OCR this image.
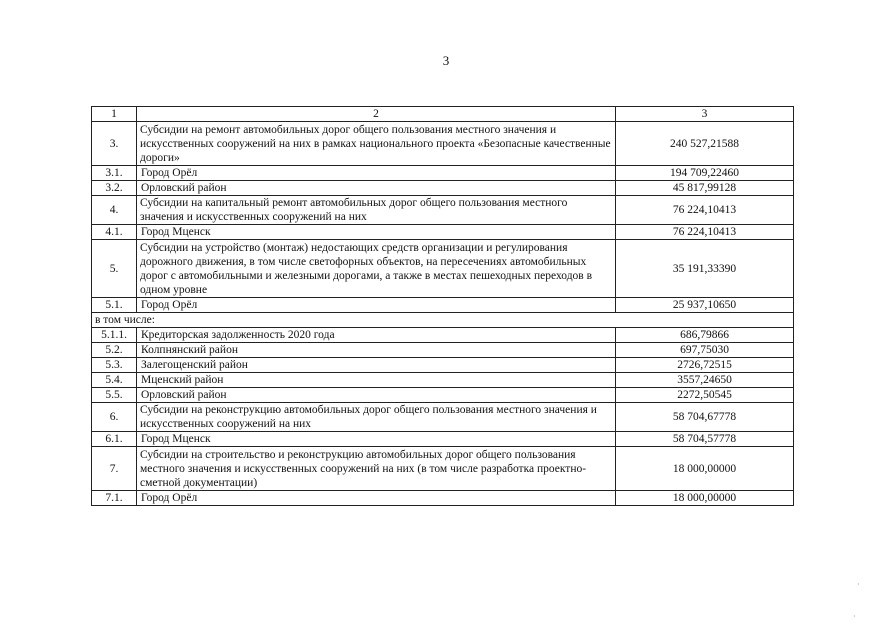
3
1	2	3
3.	Субсидии на ремонт автомобильных дорог общего пользования местного значения и искусственных сооружений на них в рамках национального проекта «Безопасные качественные дороги»	240 527,21588
3.1.	Город Орёл	194 709,22460
3.2.	Орловский район	45 817,99128
4.	Субсидии на капитальный ремонт автомобильных дорог общего пользования местного значения и искусственных сооружений на них	76 224,10413
4.1.	Город Мценск	76 224,10413
5.	Субсидии на устройство (монтаж) недостающих средств организации и регулирования дорожного движения, в том числе светофорных объектов, на пересечениях автомобильных дорог с автомобильными и железными дорогами, а также в местах пешеходных переходов в одном уровне	35 191,33390
5.1.	Город Орёл	25 937,10650
в том числе:		
5.1.1.	Кредиторская задолженность 2020 года	686,79866
5.2.	Колпнянский район	697,75030
5.3.	Залегощенский район	2726,72515
5.4.	Мценский район	3557,24650
5.5.	Орловский район	2272,50545
6.	Субсидии на реконструкцию автомобильных дорог общего пользования местного значения и искусственных сооружений на них	58 704,67778
6.1.	Город Мценск	58 704,57778
7.	Субсидии на строительство и реконструкцию автомобильных дорог общего пользования местного значения и искусственных сооружений на них (в том числе разработка проектно-сметной документации)	18 000,00000
7.1.	Город Орёл	18 000,00000
·
·
